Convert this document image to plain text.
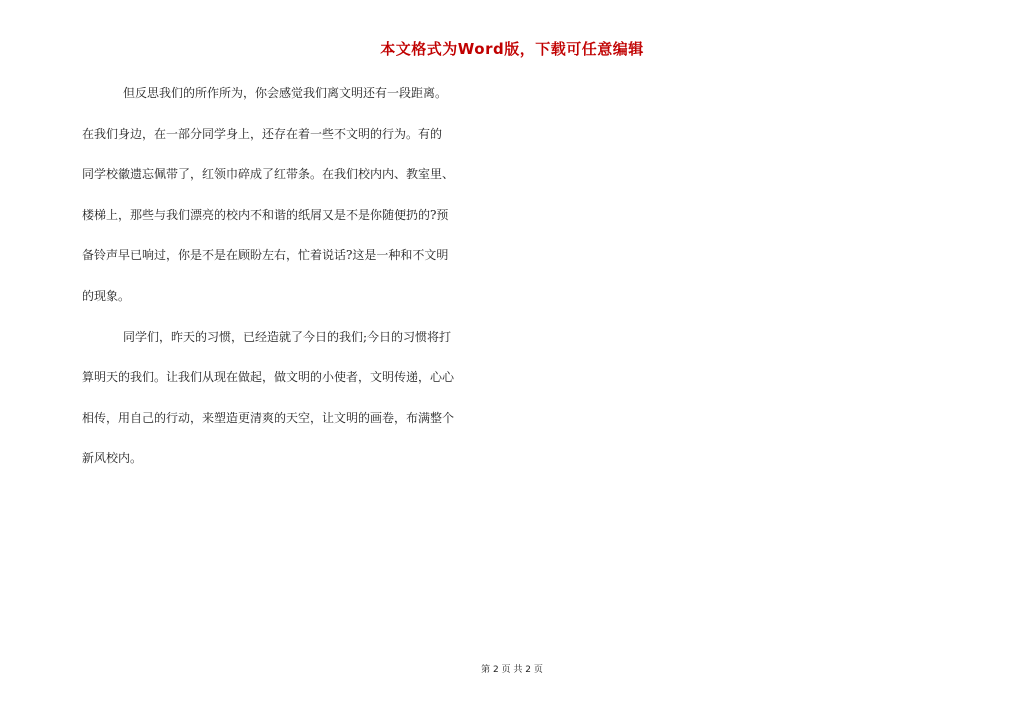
本文格式为Word版，下载可任意编辑
但反思我们的所作所为，你会感觉我们离文明还有一段距离。
在我们身边，在一部分同学身上，还存在着一些不文明的行为。有的
同学校徽遗忘佩带了，红领巾碎成了红带条。在我们校内内、教室里、
楼梯上，那些与我们漂亮的校内不和谐的纸屑又是不是你随便扔的?预
备铃声早已响过，你是不是在顾盼左右，忙着说话?这是一种和不文明
的现象。
同学们，昨天的习惯，已经造就了今日的我们;今日的习惯将打
算明天的我们。让我们从现在做起，做文明的小使者，文明传递，心心
相传，用自己的行动，来塑造更清爽的天空，让文明的画卷，布满整个
新风校内。
第 2 页 共 2 页
